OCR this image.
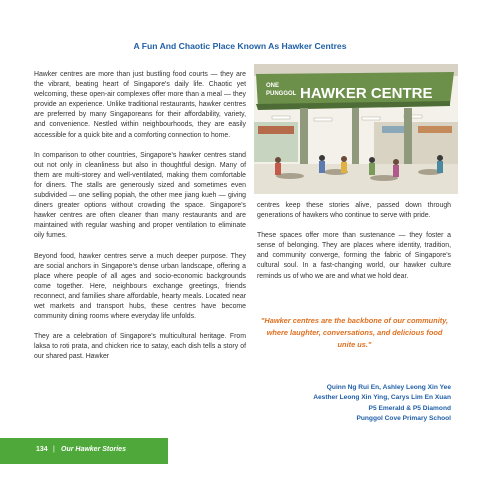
A Fun And Chaotic Place Known As Hawker Centres

Hawker centres are more than just bustling food courts — they are the vibrant, beating heart of Singapore's daily life. Chaotic yet welcoming, these open-air complexes offer more than a meal — they provide an experience. Unlike traditional restaurants, hawker centres are preferred by many Singaporeans for their affordability, variety, and convenience. Nestled within neighbourhoods, they are easily accessible for a quick bite and a comforting connection to home.

In comparison to other countries, Singapore's hawker centres stand out not only in cleanliness but also in thoughtful design. Many of them are multi-storey and well-ventilated, making them comfortable for diners. The stalls are generously sized and sometimes even subdivided — one selling popiah, the other mee jiang kueh — giving diners greater options without crowding the space. Singapore's hawker centres are often cleaner than many restaurants and are maintained with regular washing and proper ventilation to eliminate oily fumes.

Beyond food, hawker centres serve a much deeper purpose. They are social anchors in Singapore's dense urban landscape, offering a place where people of all ages and socio-economic backgrounds come together. Here, neighbours exchange greetings, friends reconnect, and families share affordable, hearty meals. Located near wet markets and transport hubs, these centres have become community dining rooms where everyday life unfolds.

They are a celebration of Singapore's multicultural heritage. From laksa to roti prata, and chicken rice to satay, each dish tells a story of our shared past. Hawker

ONE
PUNGGOL HAWKER CENTRE

centres keep these stories alive, passed down through generations of hawkers who continue to serve with pride.

These spaces offer more than sustenance — they foster a sense of belonging. They are places where identity, tradition, and community converge, forming the fabric of Singapore's cultural soul. In a fast-changing world, our hawker culture reminds us of who we are and what we hold dear.

"Hawker centres are the backbone of our community, where laughter, conversations, and delicious food unite us."
Quinn Ng Rui En, Ashley Leong Xin Yee
Aesther Leong Xin Ying, Carys Lim En Xuan
P5 Emerald & P5 Diamond
Punggol Cove Primary School
134 | Our Hawker Stories
